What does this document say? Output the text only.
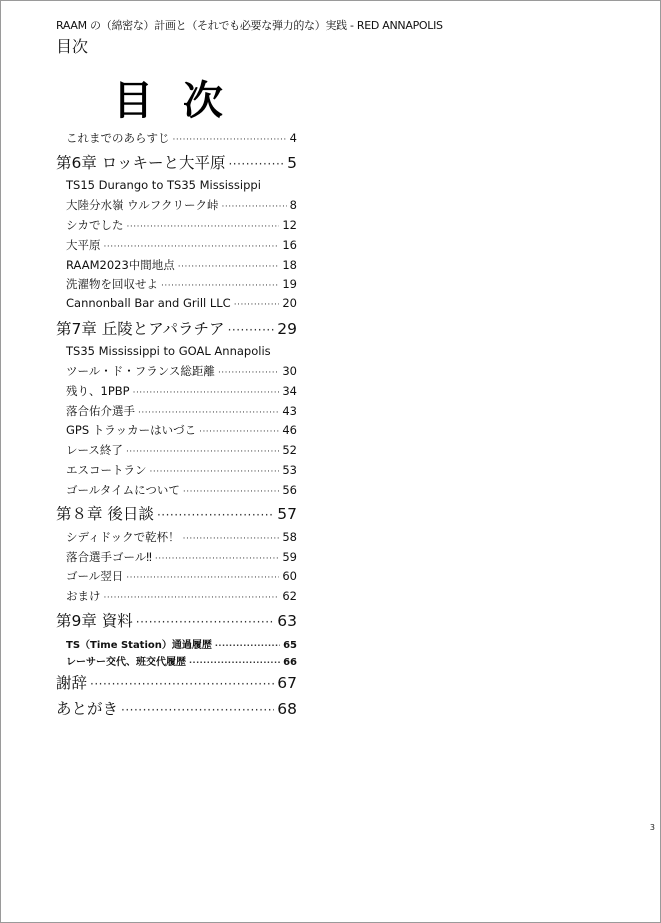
RAAM の（綿密な）計画と（それでも必要な弾力的な）実践 - RED ANNAPOLIS
目次
目 次
これまでのあらすじ ·····	4
第6章 ロッキーと大平原 ·····	5
TS15 Durango to TS35 Mississippi
大陸分水嶺 ウルフクリーク峠 ·····	8
シカでした ·····	12
大平原 ·····	16
RAAM2023中間地点 ·····	18
洗濯物を回収せよ ·····	19
Cannonball Bar and Grill LLC ·····	20
第7章 丘陵とアパラチア ·····	29
TS35 Mississippi to GOAL Annapolis
ツール・ド・フランス総距離 ·····	30
残り、1PBP ·····	34
落合佑介選手 ·····	43
GPS トラッカーはいづこ ·····	46
レース終了 ·····	52
エスコートラン ·····	53
ゴールタイムについて ·····	56
第８章 後日談 ·····	57
シディドックで乾杯！ ·····	58
落合選手ゴール‼ ·····	59
ゴール翌日 ·····	60
おまけ ·····	62
第9章 資料 ·····	63
TS（Time Station）通過履歴 ·····	65
レーサー交代、班交代履歴 ·····	66
謝辞 ·····	67
あとがき ·····	68
3
